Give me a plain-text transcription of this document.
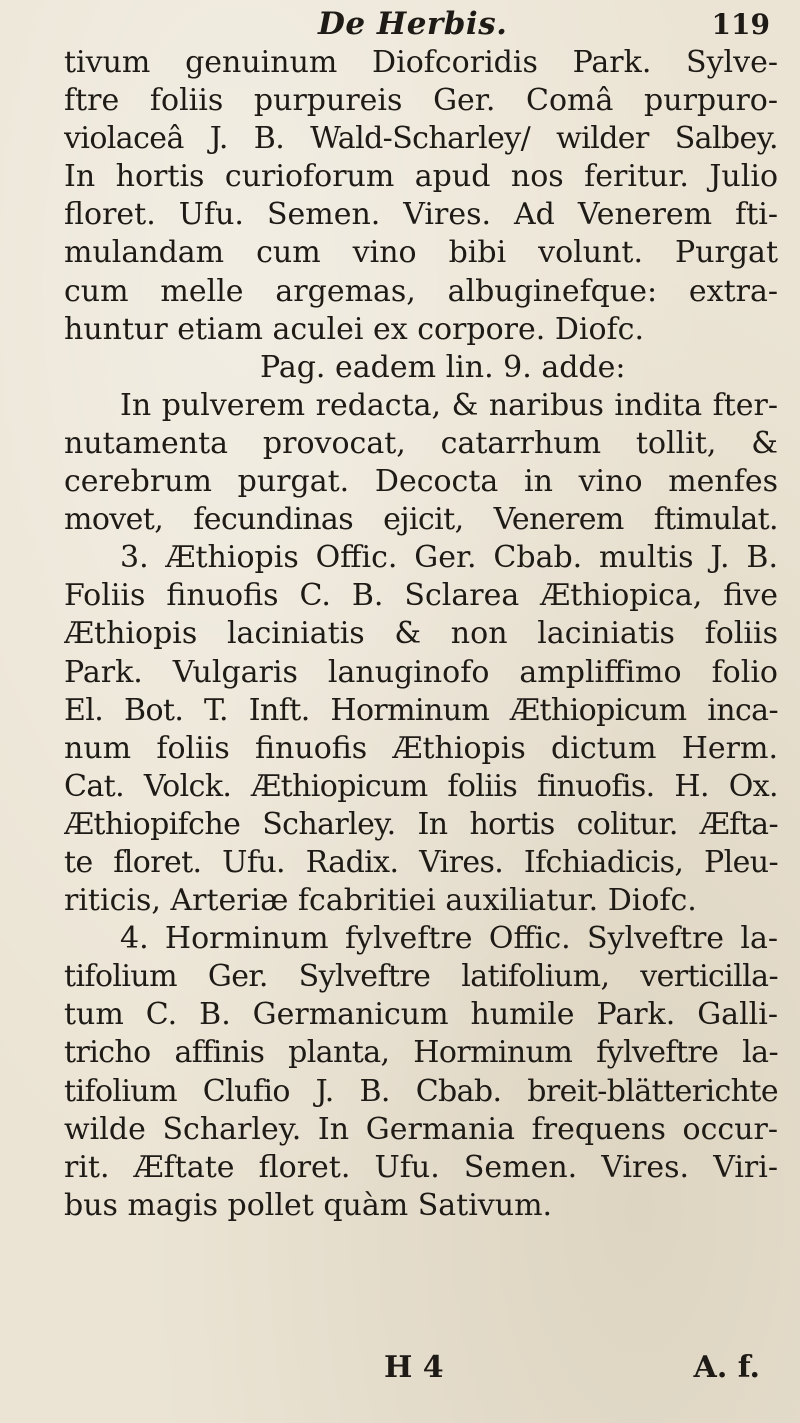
De Herbis.	119
tivum genuinum Diofcoridis Park. Sylve-
ftre foliis purpureis Ger. Comâ purpuro-
violaceâ J. B. Wald-Scharley/ wilder Salbey.
In hortis curioforum apud nos feritur. Julio
floret. Ufu. Semen. Vires. Ad Venerem fti-
mulandam cum vino bibi volunt. Purgat
cum melle argemas, albuginefque: extra-
huntur etiam aculei ex corpore. Diofc.
Pag. eadem lin. 9. adde:
In pulverem redacta, & naribus indita fter-
nutamenta provocat, catarrhum tollit, &
cerebrum purgat. Decocta in vino menfes
movet, fecundinas ejicit, Venerem ftimulat.
3. Æthiopis Offic. Ger. Cbab. multis J. B.
Foliis finuofis C. B. Sclarea Æthiopica, five
Æthiopis laciniatis & non laciniatis foliis
Park. Vulgaris lanuginofo ampliffimo folio
El. Bot. T. Inft. Horminum Æthiopicum inca-
num foliis finuofis Æthiopis dictum Herm.
Cat. Volck. Æthiopicum foliis finuofis. H. Ox.
Æthiopifche Scharley. In hortis colitur. Æfta-
te floret. Ufu. Radix. Vires. Ifchiadicis, Pleu-
riticis, Arteriæ fcabritiei auxiliatur. Diofc.
4. Horminum fylveftre Offic. Sylveftre la-
tifolium Ger. Sylveftre latifolium, verticilla-
tum C. B. Germanicum humile Park. Galli-
tricho affinis planta, Horminum fylveftre la-
tifolium Clufio J. B. Cbab. breit-blätterichte
wilde Scharley. In Germania frequens occur-
rit. Æftate floret. Ufu. Semen. Vires. Viri-
bus magis pollet quàm Sativum.
H 4	A. f.
